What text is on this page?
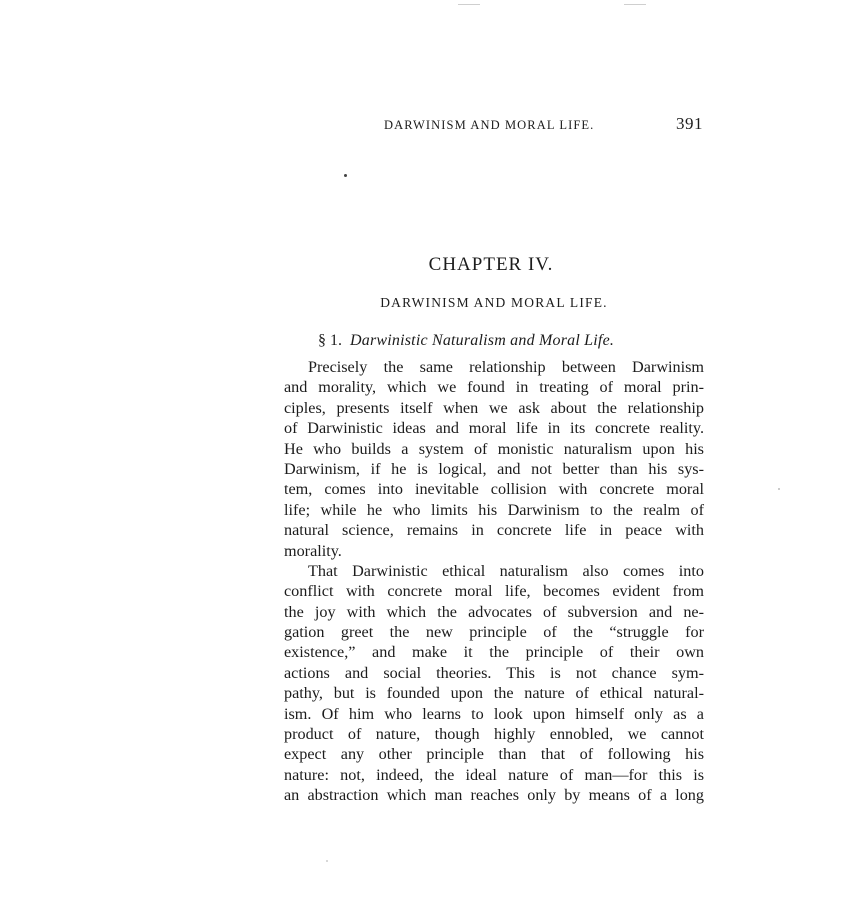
DARWINISM AND MORAL LIFE.	391
CHAPTER IV.
DARWINISM AND MORAL LIFE.
§ 1. Darwinistic Naturalism and Moral Life.
Precisely the same relationship between Darwinism
and morality, which we found in treating of moral prin-
ciples, presents itself when we ask about the relationship
of Darwinistic ideas and moral life in its concrete reality.
He who builds a system of monistic naturalism upon his
Darwinism, if he is logical, and not better than his sys-
tem, comes into inevitable collision with concrete moral
life; while he who limits his Darwinism to the realm of
natural science, remains in concrete life in peace with
morality.
That Darwinistic ethical naturalism also comes into
conflict with concrete moral life, becomes evident from
the joy with which the advocates of subversion and ne-
gation greet the new principle of the “struggle for
existence,” and make it the principle of their own
actions and social theories. This is not chance sym-
pathy, but is founded upon the nature of ethical natural-
ism. Of him who learns to look upon himself only as a
product of nature, though highly ennobled, we cannot
expect any other principle than that of following his
nature: not, indeed, the ideal nature of man—for this is
an abstraction which man reaches only by means of a long
